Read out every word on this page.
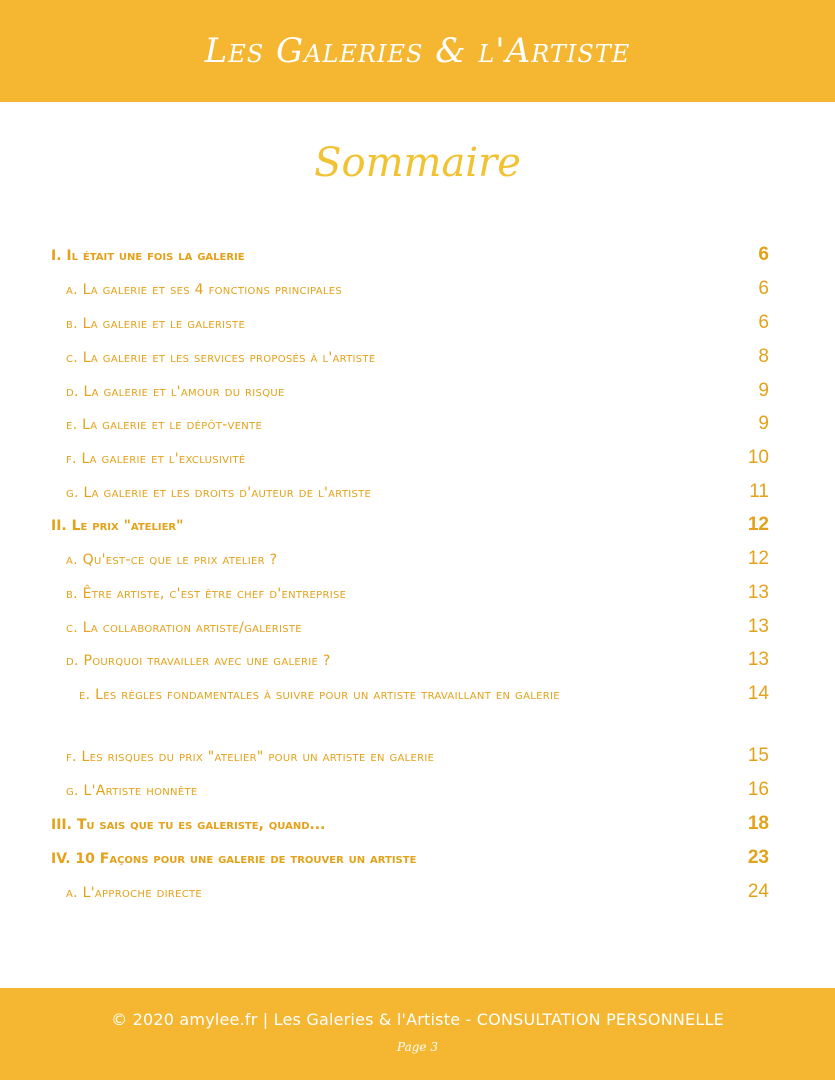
Les Galeries & l'Artiste
Sommaire
I. Il était une fois la galerie	6
a. La galerie et ses 4 fonctions principales	6
b. La galerie et le galeriste	6
c. La galerie et les services proposés à l'artiste	8
d. La galerie et l'amour du risque	9
e. La galerie et le dépôt-vente	9
f. La galerie et l'exclusivité	10
g. La galerie et les droits d'auteur de l'artiste	11
II. Le prix "atelier"	12
a. Qu'est-ce que le prix atelier ?	12
b. Être artiste, c'est être chef d'entreprise	13
c. La collaboration artiste/galeriste	13
d. Pourquoi travailler avec une galerie ?	13
e. Les règles fondamentales à suivre pour un artiste travaillant en galerie	14
f. Les risques du prix "atelier" pour un artiste en galerie	15
g. L'Artiste honnête	16
III. Tu sais que tu es galeriste, quand...	18
IV. 10 Façons pour une galerie de trouver un artiste	23
a. L'approche directe	24
© 2020 amylee.fr | Les Galeries & l'Artiste - CONSULTATION PERSONNELLE
Page 3
